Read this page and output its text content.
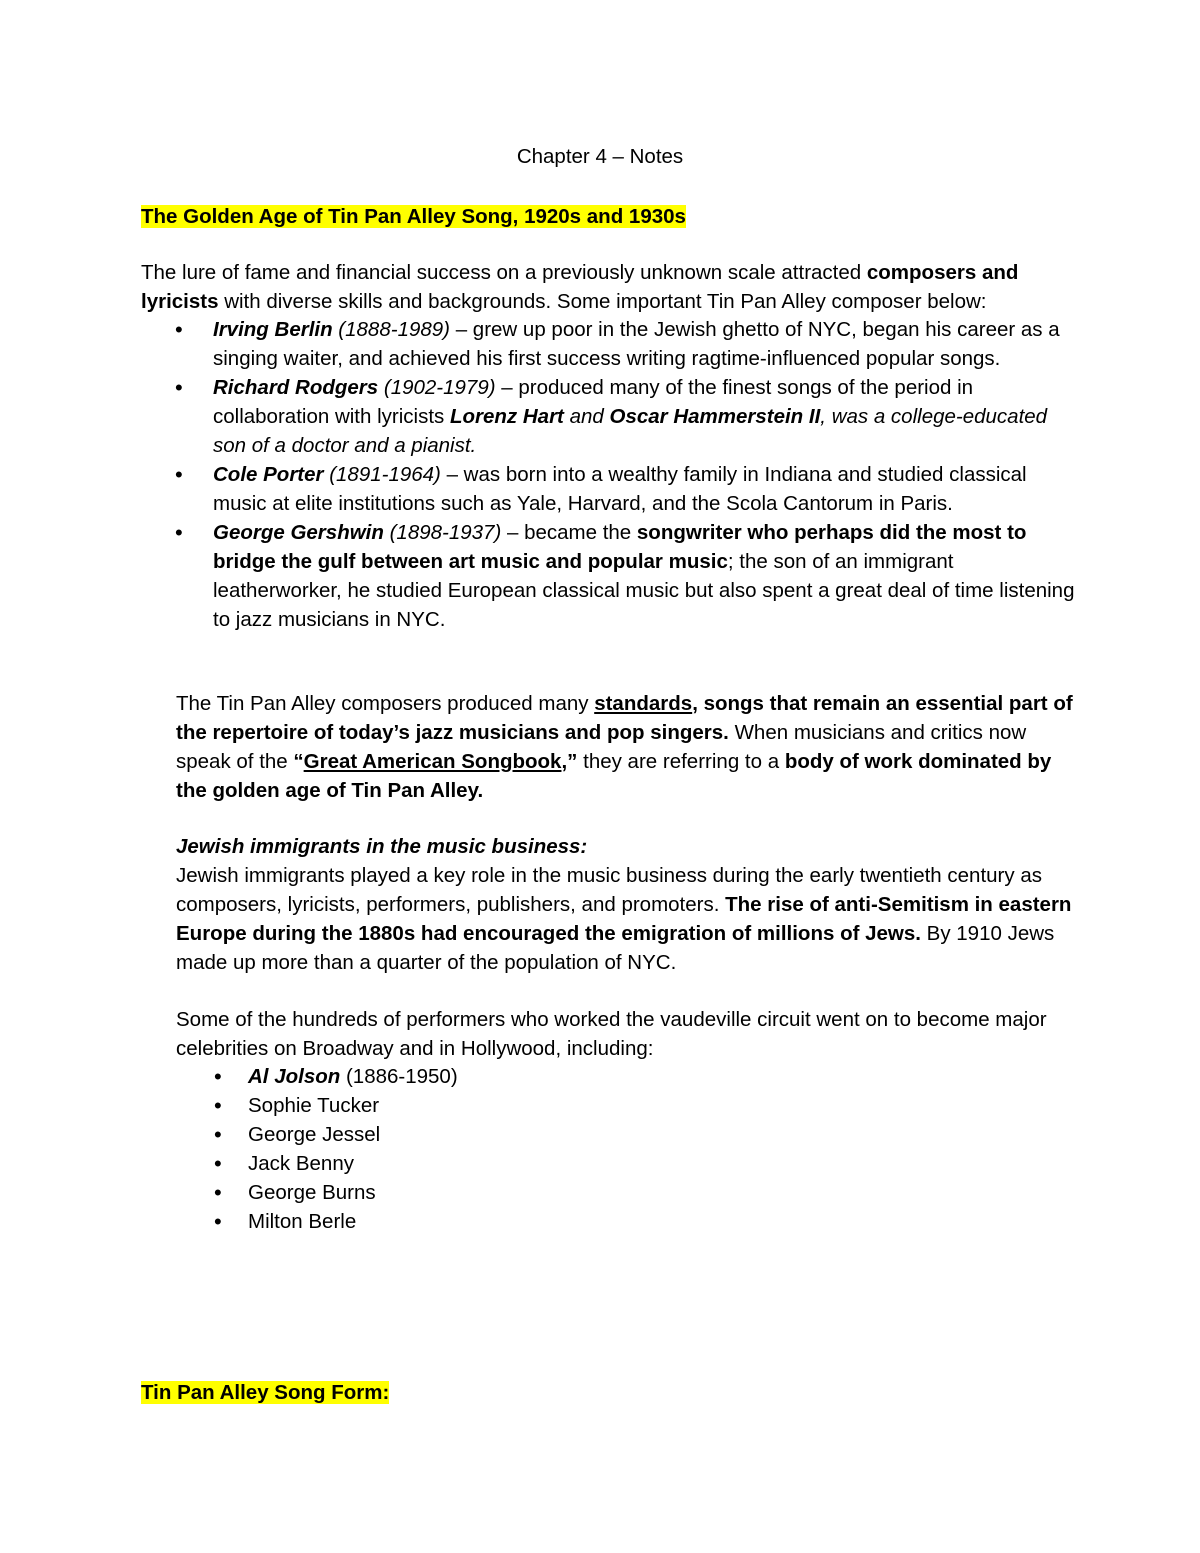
Chapter 4 – Notes
The Golden Age of Tin Pan Alley Song, 1920s and 1930s
The lure of fame and financial success on a previously unknown scale attracted composers and lyricists with diverse skills and backgrounds. Some important Tin Pan Alley composer below:
• Irving Berlin (1888-1989) – grew up poor in the Jewish ghetto of NYC, began his career as a singing waiter, and achieved his first success writing ragtime-influenced popular songs.
• Richard Rodgers (1902-1979) – produced many of the finest songs of the period in collaboration with lyricists Lorenz Hart and Oscar Hammerstein II, was a college-educated son of a doctor and a pianist.
• Cole Porter (1891-1964) – was born into a wealthy family in Indiana and studied classical music at elite institutions such as Yale, Harvard, and the Scola Cantorum in Paris.
• George Gershwin (1898-1937) – became the songwriter who perhaps did the most to bridge the gulf between art music and popular music; the son of an immigrant leatherworker, he studied European classical music but also spent a great deal of time listening to jazz musicians in NYC.
The Tin Pan Alley composers produced many standards, songs that remain an essential part of the repertoire of today’s jazz musicians and pop singers. When musicians and critics now speak of the “Great American Songbook,” they are referring to a body of work dominated by the golden age of Tin Pan Alley.
Jewish immigrants in the music business:
Jewish immigrants played a key role in the music business during the early twentieth century as composers, lyricists, performers, publishers, and promoters. The rise of anti-Semitism in eastern Europe during the 1880s had encouraged the emigration of millions of Jews. By 1910 Jews made up more than a quarter of the population of NYC.
Some of the hundreds of performers who worked the vaudeville circuit went on to become major celebrities on Broadway and in Hollywood, including:
• Al Jolson (1886-1950)
• Sophie Tucker
• George Jessel
• Jack Benny
• George Burns
• Milton Berle
Tin Pan Alley Song Form:
